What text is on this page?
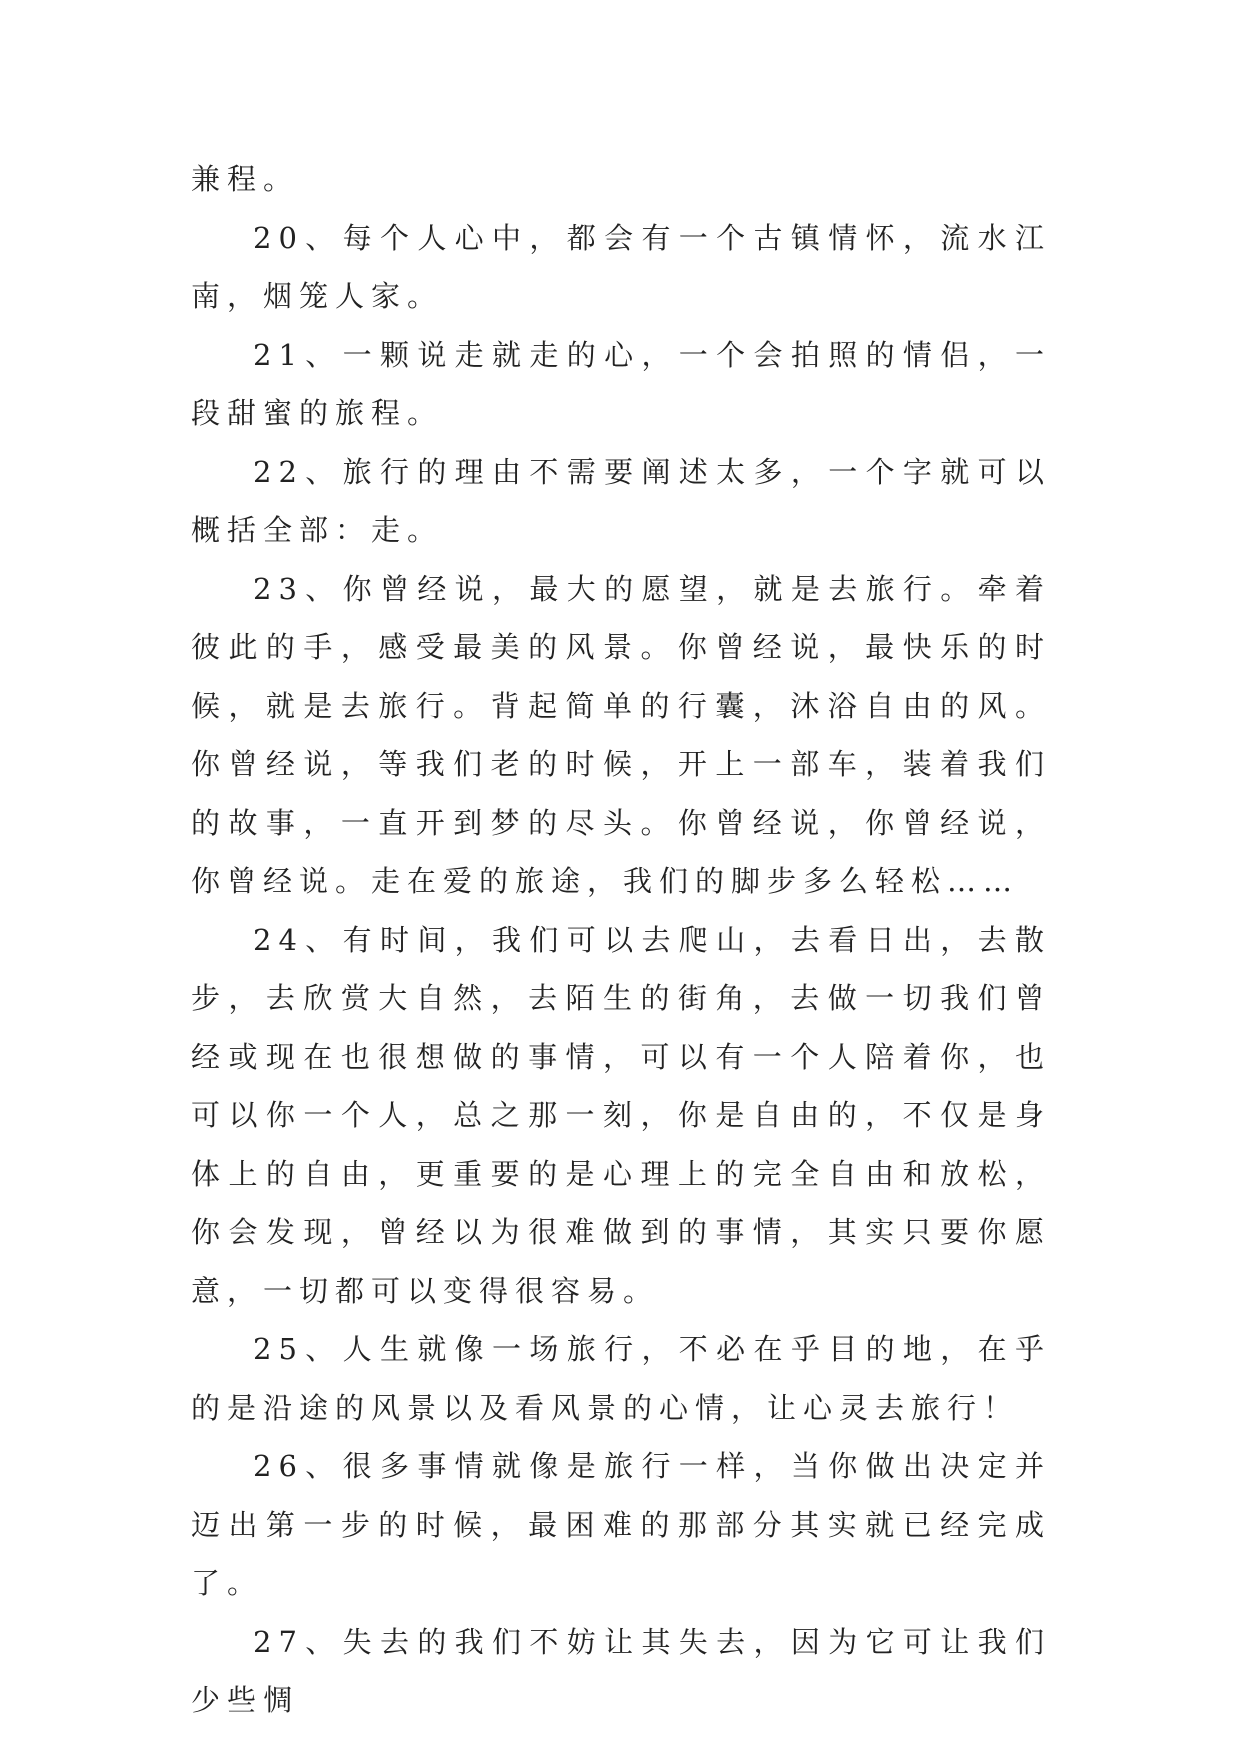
兼程。

20、每个人心中，都会有一个古镇情怀，流水江南，烟笼人家。

21、一颗说走就走的心，一个会拍照的情侣，一段甜蜜的旅程。

22、旅行的理由不需要阐述太多，一个字就可以概括全部：走。

23、你曾经说，最大的愿望，就是去旅行。牵着彼此的手，感受最美的风景。你曾经说，最快乐的时候，就是去旅行。背起简单的行囊，沐浴自由的风。你曾经说，等我们老的时候，开上一部车，装着我们的故事，一直开到梦的尽头。你曾经说，你曾经说，你曾经说。走在爱的旅途，我们的脚步多么轻松……

24、有时间，我们可以去爬山，去看日出，去散步，去欣赏大自然，去陌生的街角，去做一切我们曾经或现在也很想做的事情，可以有一个人陪着你，也可以你一个人，总之那一刻，你是自由的，不仅是身体上的自由，更重要的是心理上的完全自由和放松，你会发现，曾经以为很难做到的事情，其实只要你愿意，一切都可以变得很容易。

25、人生就像一场旅行，不必在乎目的地，在乎的是沿途的风景以及看风景的心情，让心灵去旅行！

26、很多事情就像是旅行一样，当你做出决定并迈出第一步的时候，最困难的那部分其实就已经完成了。

27、失去的我们不妨让其失去，因为它可让我们少些惆
